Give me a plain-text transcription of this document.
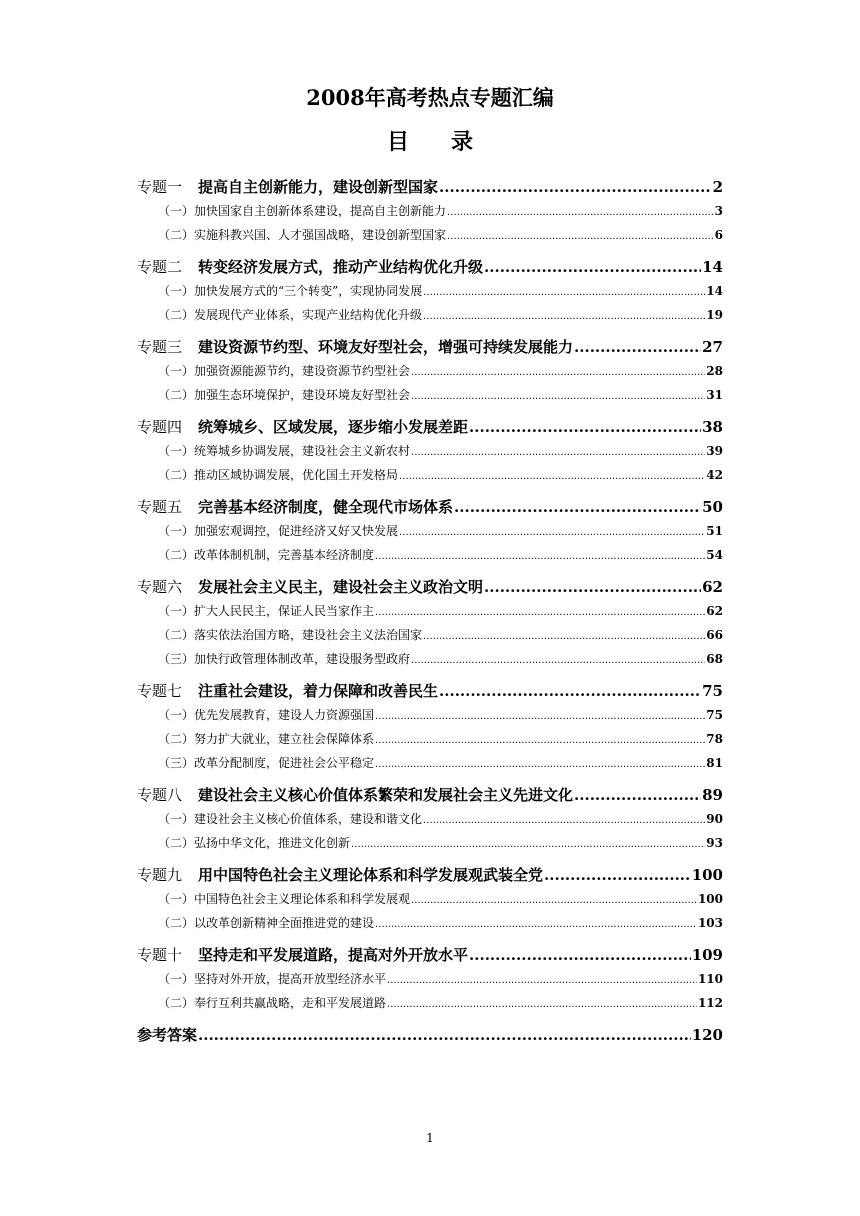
2008年高考热点专题汇编
目录
专题一 提高自主创新能力，建设创新型国家 .....	2
（一）加快国家自主创新体系建设，提高自主创新能力 .....	3
（二）实施科教兴国、人才强国战略，建设创新型国家 .....	6
专题二 转变经济发展方式，推动产业结构优化升级 .....	14
（一）加快发展方式的“三个转变”，实现协同发展 .....	14
（二）发展现代产业体系，实现产业结构优化升级 .....	19
专题三 建设资源节约型、环境友好型社会，增强可持续发展能力 .....	27
（一）加强资源能源节约，建设资源节约型社会 .....	28
（二）加强生态环境保护，建设环境友好型社会 .....	31
专题四 统筹城乡、区域发展，逐步缩小发展差距 .....	38
（一）统筹城乡协调发展，建设社会主义新农村 .....	39
（二）推动区域协调发展，优化国土开发格局 .....	42
专题五 完善基本经济制度，健全现代市场体系 .....	50
（一）加强宏观调控，促进经济又好又快发展 .....	51
（二）改革体制机制，完善基本经济制度 .....	54
专题六 发展社会主义民主，建设社会主义政治文明 .....	62
（一）扩大人民民主，保证人民当家作主 .....	62
（二）落实依法治国方略，建设社会主义法治国家 .....	66
（三）加快行政管理体制改革，建设服务型政府 .....	68
专题七 注重社会建设，着力保障和改善民生 .....	75
（一）优先发展教育，建设人力资源强国 .....	75
（二）努力扩大就业，建立社会保障体系 .....	78
（三）改革分配制度，促进社会公平稳定 .....	81
专题八 建设社会主义核心价值体系繁荣和发展社会主义先进文化 .....	89
（一）建设社会主义核心价值体系，建设和谐文化 .....	90
（二）弘扬中华文化，推进文化创新 .....	93
专题九 用中国特色社会主义理论体系和科学发展观武装全党 .....	100
（一）中国特色社会主义理论体系和科学发展观 .....	100
（二）以改革创新精神全面推进党的建设 .....	103
专题十 坚持走和平发展道路，提高对外开放水平 .....	109
（一）坚持对外开放，提高开放型经济水平 .....	110
（二）奉行互利共赢战略，走和平发展道路 .....	112
参考答案 .....	120
1
